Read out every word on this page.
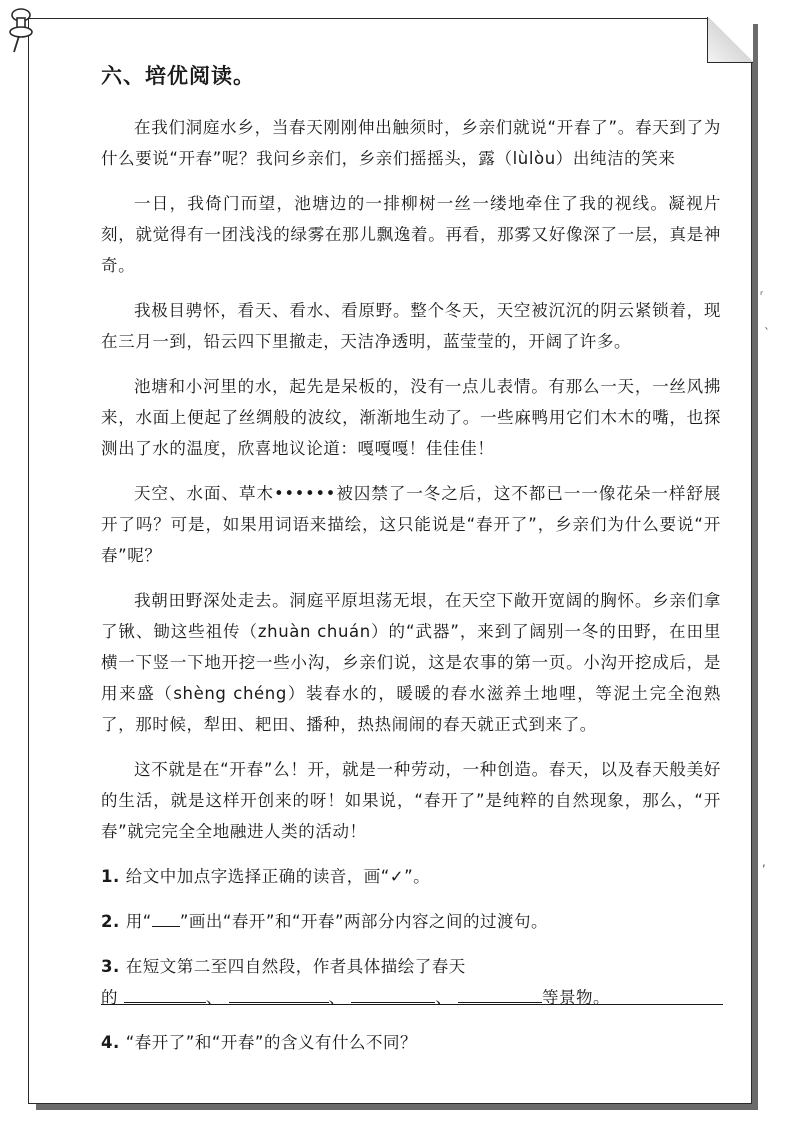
六、培优阅读。

在我们洞庭水乡，当春天刚刚伸出触须时，乡亲们就说“开春了”。春天到了为什么要说“开春”呢？我问乡亲们，乡亲们摇摇头，露（lùlòu）出纯洁的笑来

一日，我倚门而望，池塘边的一排柳树一丝一缕地牵住了我的视线。凝视片刻，就觉得有一团浅浅的绿雾在那儿飘逸着。再看，那雾又好像深了一层，真是神奇。

我极目骋怀，看天、看水、看原野。整个冬天，天空被沉沉的阴云紧锁着，现在三月一到，铅云四下里撤走，天洁净透明，蓝莹莹的，开阔了许多。

池塘和小河里的水，起先是呆板的，没有一点儿表情。有那么一天，一丝风拂来，水面上便起了丝绸般的波纹，渐渐地生动了。一些麻鸭用它们木木的嘴，也探测出了水的温度，欣喜地议论道：嘎嘎嘎！佳佳佳！

天空、水面、草木••••••被囚禁了一冬之后，这不都已一一像花朵一样舒展开了吗？可是，如果用词语来描绘，这只能说是“春开了”，乡亲们为什么要说“开春”呢？

我朝田野深处走去。洞庭平原坦荡无垠，在天空下敞开宽阔的胸怀。乡亲们拿了锹、锄这些祖传（zhuàn chuán）的“武器”，来到了阔别一冬的田野，在田里横一下竖一下地开挖一些小沟，乡亲们说，这是农事的第一页。小沟开挖成后，是用来盛（shèng chéng）装春水的，暖暖的春水滋养土地哩，等泥土完全泡熟了，那时候，犁田、耙田、播种，热热闹闹的春天就正式到来了。

这不就是在“开春”么！开，就是一种劳动，一种创造。春天，以及春天般美好的生活，就是这样开创来的呀！如果说，“春开了”是纯粹的自然现象，那么，“开春”就完完全全地融进人类的活动！

1. 给文中加点字选择正确的读音，画“✓”。
2. 用“ ”画出“春开”和“开春”两部分内容之间的过渡句。
3. 在短文第二至四自然段，作者具体描绘了春天
的	、	、	、	等景物。
4. “春开了”和“开春”的含义有什么不同？
ʳ
`
,
